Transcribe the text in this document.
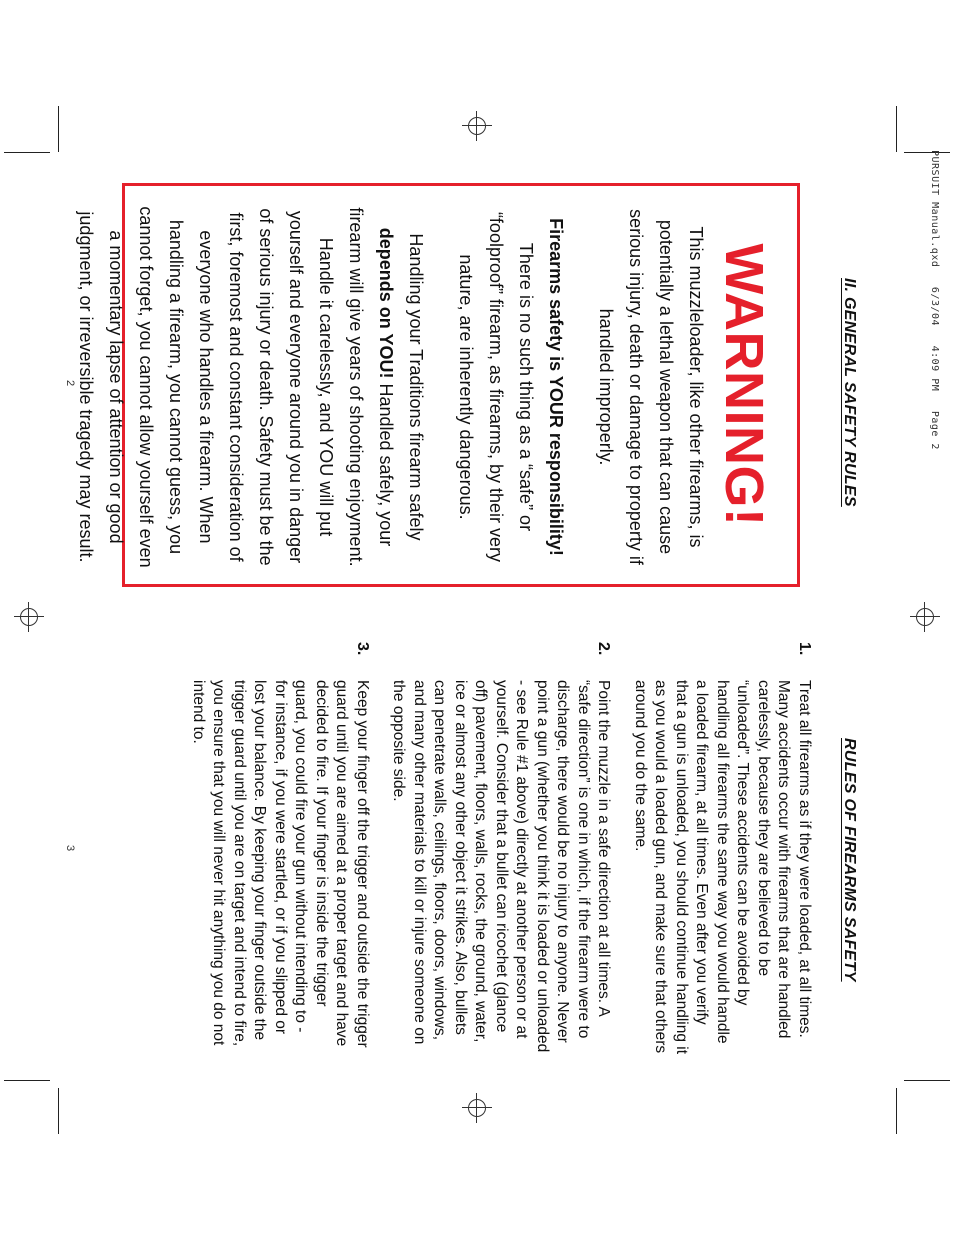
PURSUIT Manual.qxd   6/3/04   4:09 PM   Page 2
II. GENERAL SAFETY RULES
RULES OF FIREARMS SAFETY
WARNING!

This muzzleloader, like other firearms, is potentially a lethal weapon that can cause serious injury, death or damage to property if handled improperly.

Firearms safety is YOUR responsibility! There is no such thing as a “safe” or “foolproof” firearm, as firearms, by their very nature, are inherently dangerous.

Handling your Traditions firearm safely depends on YOU! Handled safely, your firearm will give years of shooting enjoyment. Handle it carelessly, and YOU will put yourself and everyone around you in danger of serious injury or death. Safety must be the first, foremost and constant consideration of everyone who handles a firearm. When handling a firearm, you cannot guess, you cannot forget, you cannot allow yourself even a momentary lapse of attention or good judgment, or irreversible tragedy may result.

1.
Treat all firearms as if they were loaded, at all times. Many accidents occur with firearms that are handled carelessly, because they are believed to be “unloaded”. These accidents can be avoided by handling all firearms the same way you would handle a loaded firearm, at all times. Even after you verify that a gun is unloaded, you should continue handling it as you would a loaded gun, and make sure that others around you do the same.
2.
Point the muzzle in a safe direction at all times. A “safe direction” is one in which, if the firearm were to discharge, there would be no injury to anyone. Never point a gun (whether you think it is loaded or unloaded - see Rule #1 above) directly at another person or at yourself. Consider that a bullet can ricochet (glance off) pavement, floors, walls, rocks, the ground, water, ice or almost any other object it strikes. Also, bullets can penetrate walls, ceilings, floors, doors, windows, and many other materials to kill or injure someone on the opposite side.
3.
Keep your finger off the trigger and outside the trigger guard until you are aimed at a proper target and have decided to fire. If your finger is inside the trigger guard, you could fire your gun without intending to - for instance, if you were startled, or if you slipped or lost your balance. By keeping your finger outside the trigger guard until you are on target and intend to fire, you ensure that you will never hit anything you do not intend to.
2
3
